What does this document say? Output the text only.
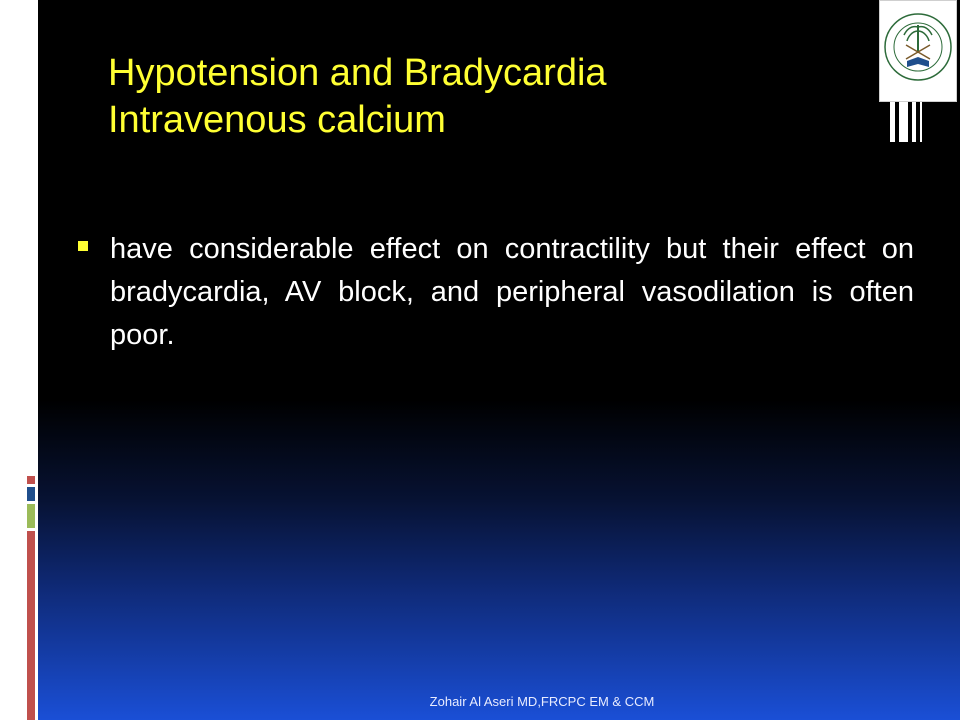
Hypotension and Bradycardia
Intravenous calcium
have considerable effect on contractility but their effect on bradycardia, AV block, and peripheral vasodilation is often poor.
Zohair Al Aseri MD,FRCPC EM & CCM
